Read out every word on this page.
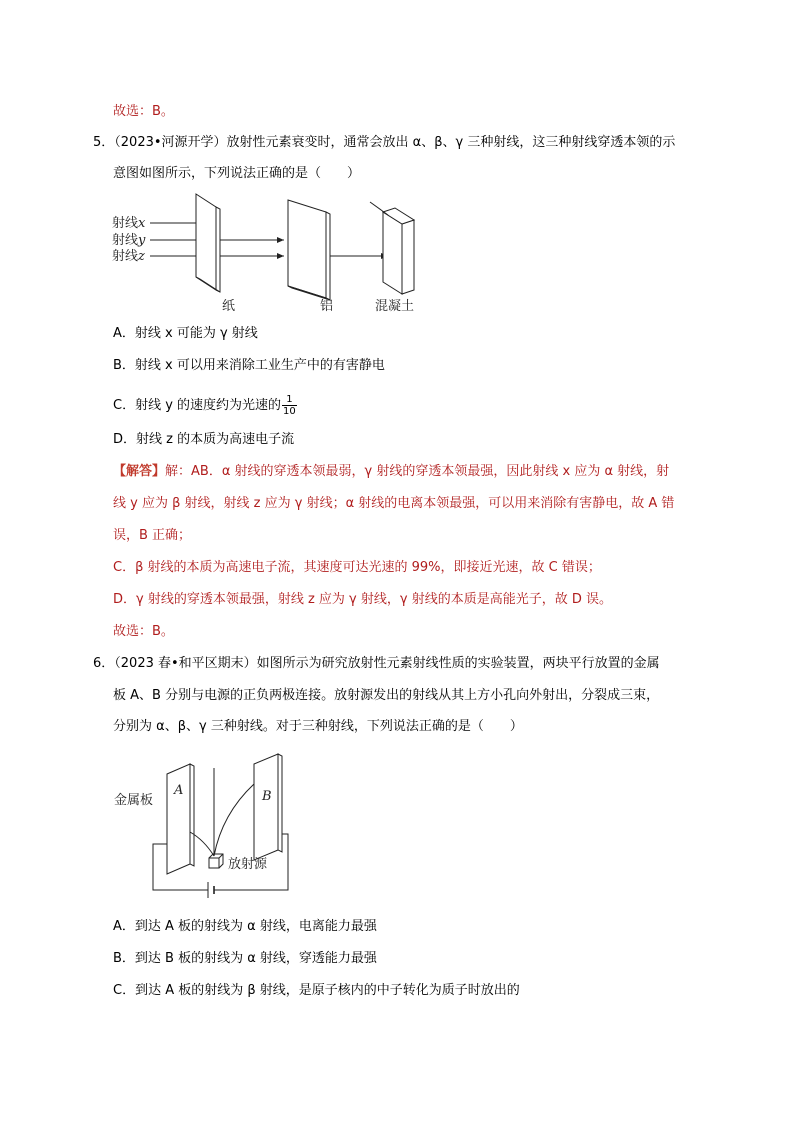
故选：B。
5．（2023•河源开学）放射性元素衰变时，通常会放出 α、β、γ 三种射线，这三种射线穿透本领的示
意图如图所示，下列说法正确的是（　　）
射线x
射线y
射线z
纸	铝	混凝土
A．射线 x 可能为 γ 射线
B．射线 x 可以用来消除工业生产中的有害静电
C．射线 y 的速度约为光速的 $\frac{1}{10}$
D．射线 z 的本质为高速电子流
【解答】解：AB．α 射线的穿透本领最弱，γ 射线的穿透本领最强，因此射线 x 应为 α 射线，射
线 y 应为 β 射线，射线 z 应为 γ 射线；α 射线的电离本领最强，可以用来消除有害静电，故 A 错
误，B 正确；
C．β 射线的本质为高速电子流，其速度可达光速的 99%，即接近光速，故 C 错误；
D．γ 射线的穿透本领最强，射线 z 应为 γ 射线，γ 射线的本质是高能光子，故 D 误。
故选：B。
6．（2023 春•和平区期末）如图所示为研究放射性元素射线性质的实验装置，两块平行放置的金属
板 A、B 分别与电源的正负两极连接。放射源发出的射线从其上方小孔向外射出，分裂成三束，
分别为 α、β、γ 三种射线。对于三种射线，下列说法正确的是（　　）
金属板
A	B
放射源
A．到达 A 板的射线为 α 射线，电离能力最强
B．到达 B 板的射线为 α 射线，穿透能力最强
C．到达 A 板的射线为 β 射线，是原子核内的中子转化为质子时放出的
